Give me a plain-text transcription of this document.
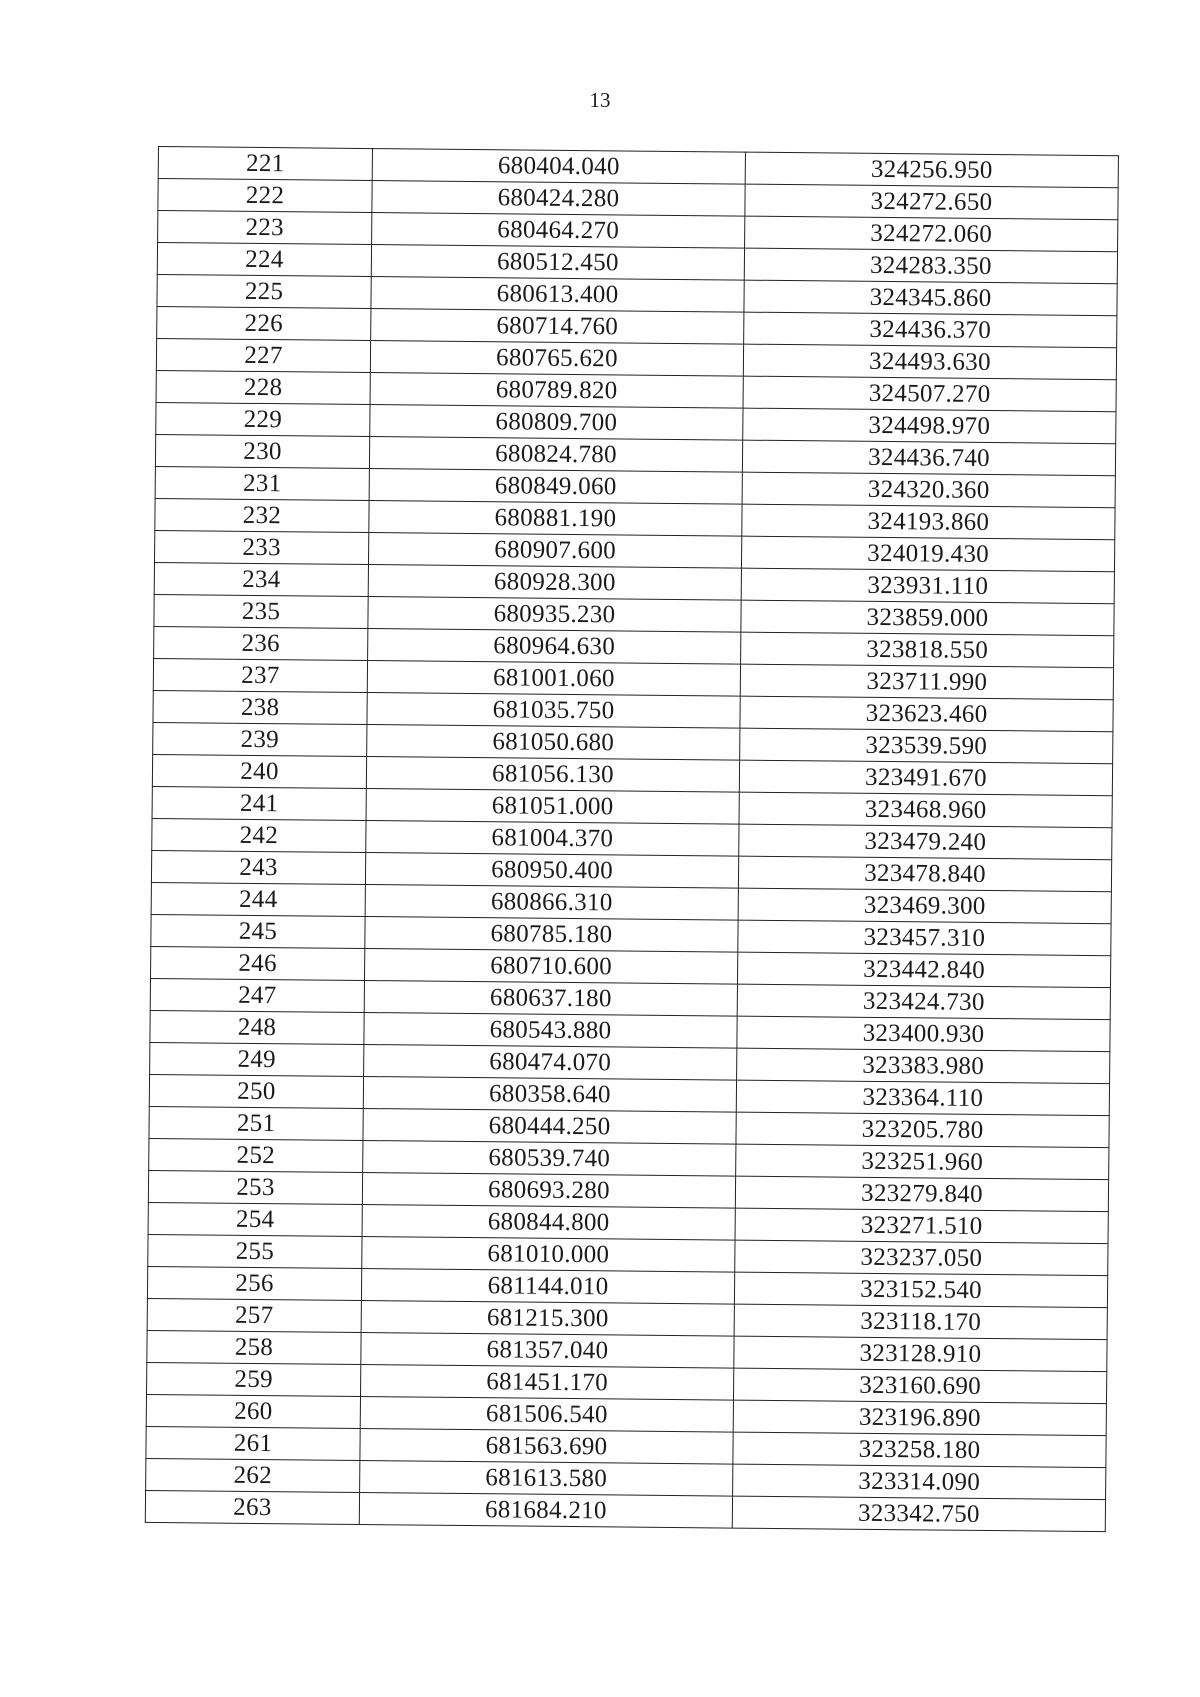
13
221	680404.040	324256.950
222	680424.280	324272.650
223	680464.270	324272.060
224	680512.450	324283.350
225	680613.400	324345.860
226	680714.760	324436.370
227	680765.620	324493.630
228	680789.820	324507.270
229	680809.700	324498.970
230	680824.780	324436.740
231	680849.060	324320.360
232	680881.190	324193.860
233	680907.600	324019.430
234	680928.300	323931.110
235	680935.230	323859.000
236	680964.630	323818.550
237	681001.060	323711.990
238	681035.750	323623.460
239	681050.680	323539.590
240	681056.130	323491.670
241	681051.000	323468.960
242	681004.370	323479.240
243	680950.400	323478.840
244	680866.310	323469.300
245	680785.180	323457.310
246	680710.600	323442.840
247	680637.180	323424.730
248	680543.880	323400.930
249	680474.070	323383.980
250	680358.640	323364.110
251	680444.250	323205.780
252	680539.740	323251.960
253	680693.280	323279.840
254	680844.800	323271.510
255	681010.000	323237.050
256	681144.010	323152.540
257	681215.300	323118.170
258	681357.040	323128.910
259	681451.170	323160.690
260	681506.540	323196.890
261	681563.690	323258.180
262	681613.580	323314.090
263	681684.210	323342.750
